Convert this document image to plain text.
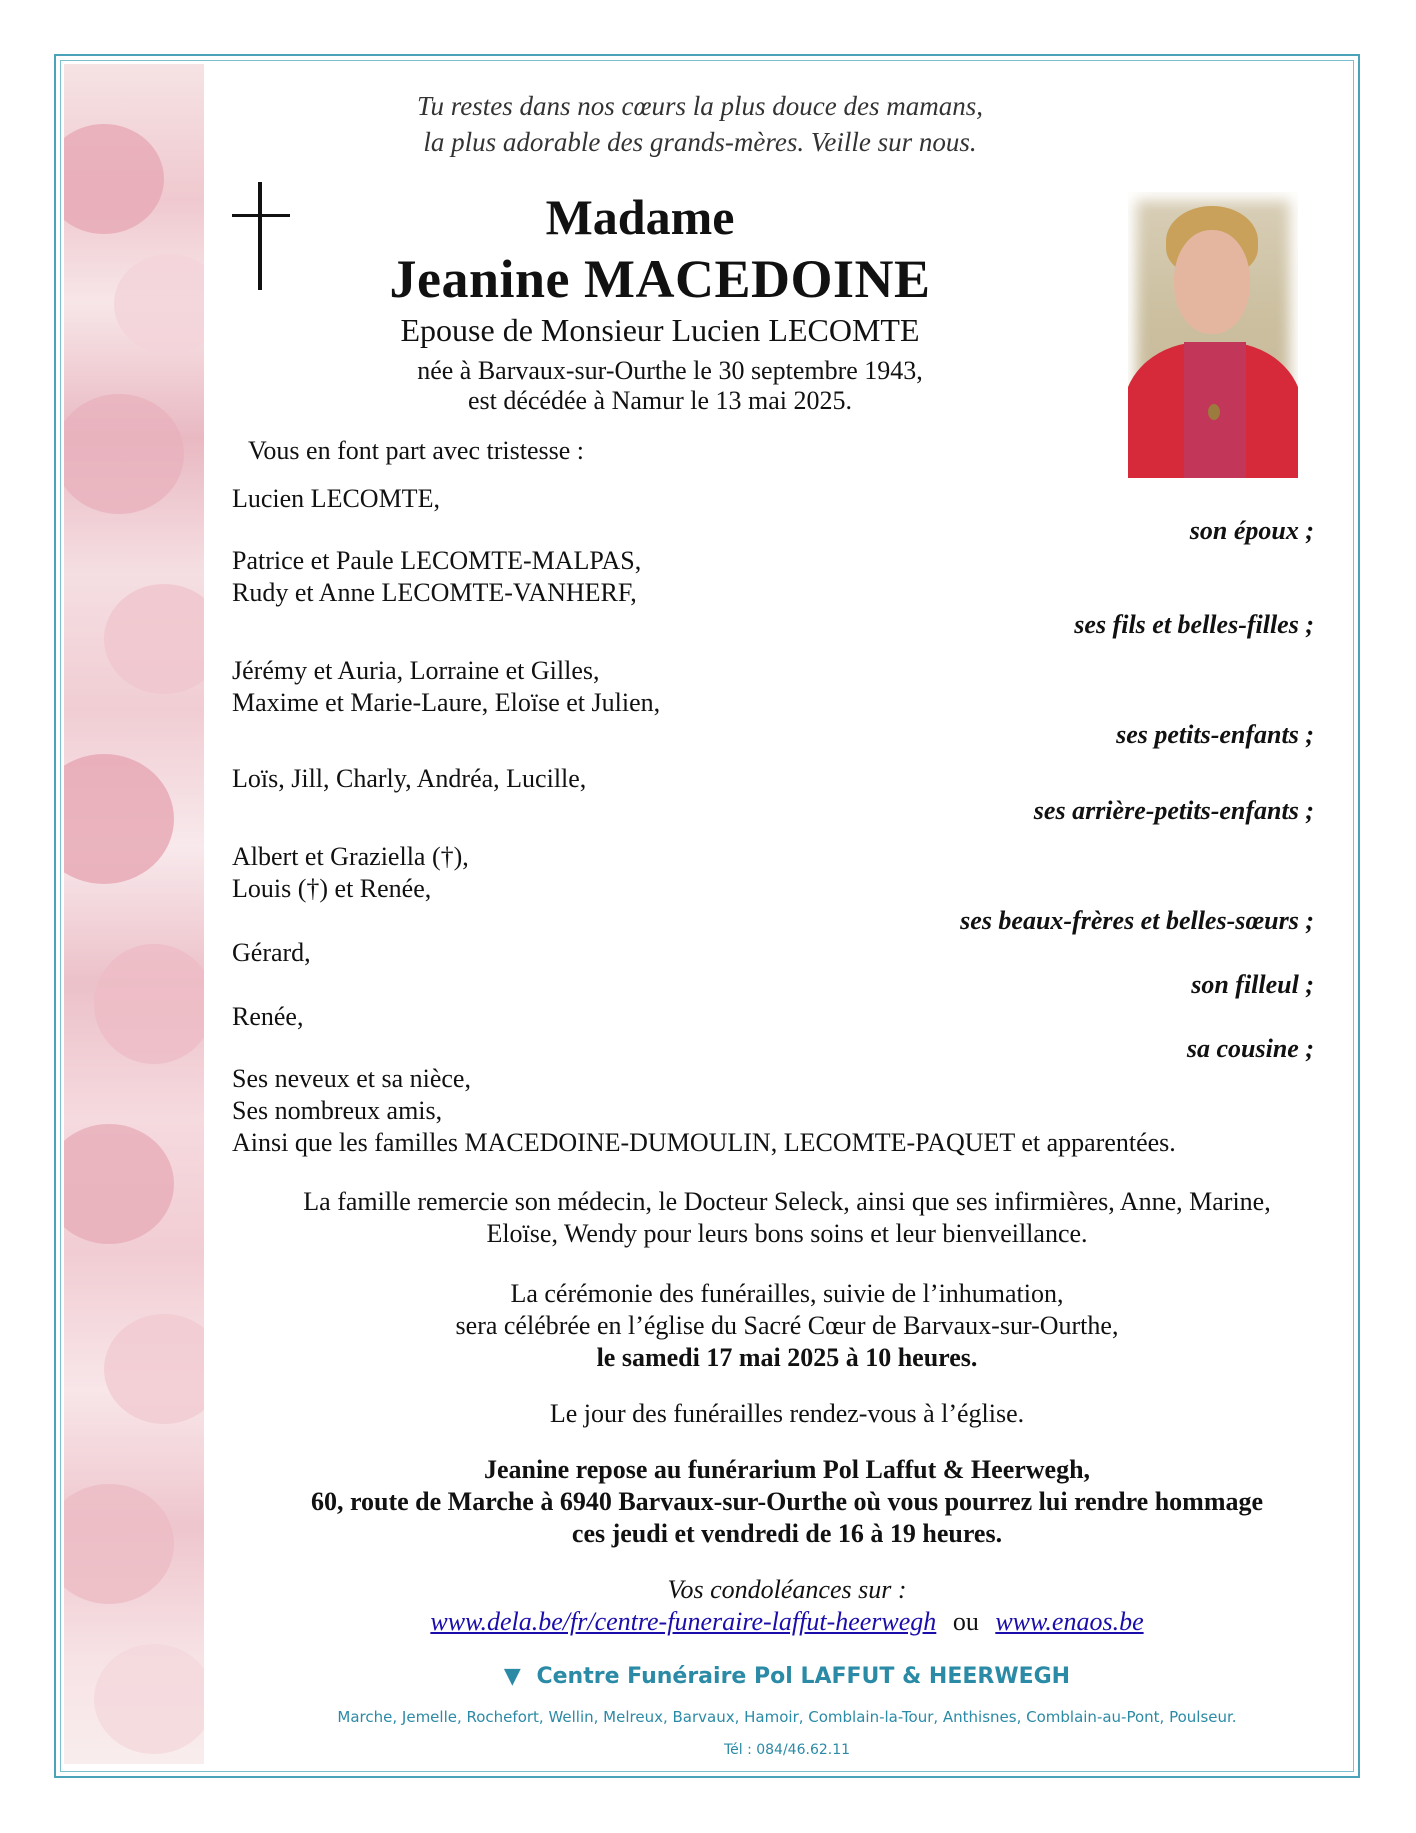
Tu restes dans nos cœurs la plus douce des mamans,
la plus adorable des grands-mères. Veille sur nous.
Madame
Jeanine MACEDOINE
Epouse de Monsieur Lucien LECOMTE
née à Barvaux-sur-Ourthe le 30 septembre 1943,
est décédée à Namur le 13 mai 2025.
Vous en font part avec tristesse :
Lucien LECOMTE,
son époux ;
Patrice et Paule LECOMTE-MALPAS,
Rudy et Anne LECOMTE-VANHERF,
ses fils et belles-filles ;
Jérémy et Auria, Lorraine et Gilles,
Maxime et Marie-Laure, Eloïse et Julien,
ses petits-enfants ;
Loïs, Jill, Charly, Andréa, Lucille,
ses arrière-petits-enfants ;
Albert et Graziella (†),
Louis (†) et Renée,
ses beaux-frères et belles-sœurs ;
Gérard,
son filleul ;
Renée,
sa cousine ;
Ses neveux et sa nièce,
Ses nombreux amis,
Ainsi que les familles MACEDOINE-DUMOULIN, LECOMTE-PAQUET et apparentées.
La famille remercie son médecin, le Docteur Seleck, ainsi que ses infirmières, Anne, Marine,
Eloïse, Wendy pour leurs bons soins et leur bienveillance.
La cérémonie des funérailles, suivie de l’inhumation,
sera célébrée en l’église du Sacré Cœur de Barvaux-sur-Ourthe,
le samedi 17 mai 2025 à 10 heures.
Le jour des funérailles rendez-vous à l’église.
Jeanine repose au funérarium Pol Laffut & Heerwegh,
60, route de Marche à 6940 Barvaux-sur-Ourthe où vous pourrez lui rendre hommage
ces jeudi et vendredi de 16 à 19 heures.
Vos condoléances sur :
www.dela.be/fr/centre-funeraire-laffut-heerwegh ou www.enaos.be
▼ Centre Funéraire Pol LAFFUT & HEERWEGH
Marche, Jemelle, Rochefort, Wellin, Melreux, Barvaux, Hamoir, Comblain-la-Tour, Anthisnes, Comblain-au-Pont, Poulseur.
Tél : 084/46.62.11
